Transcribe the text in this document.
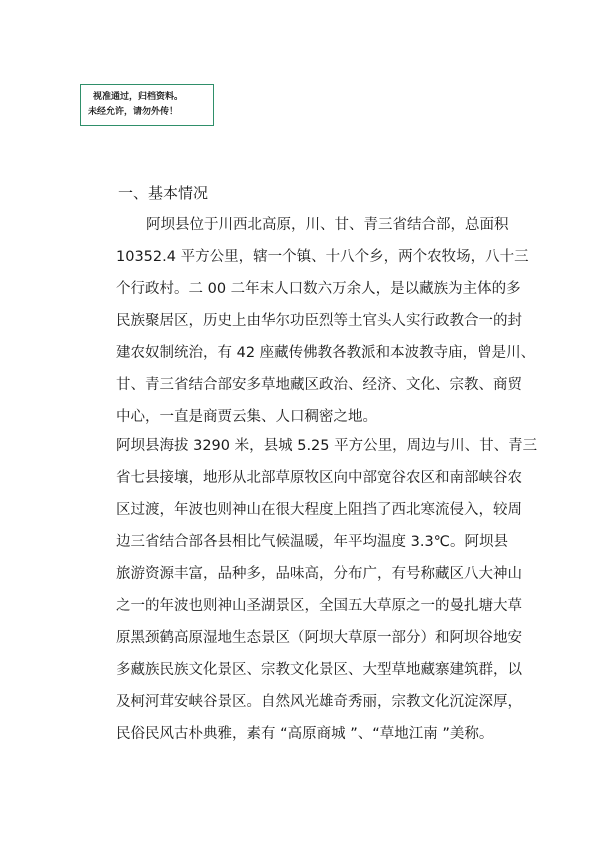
视准通过，归档资料。
未经允许，请勿外传！
一、基本情况
阿坝县位于川西北高原，川、甘、青三省结合部，总面积
10352.4 平方公里，辖一个镇、十八个乡，两个农牧场，八十三
个行政村。二 00 二年末人口数六万余人，是以藏族为主体的多
民族聚居区，历史上由华尔功臣烈等土官头人实行政教合一的封
建农奴制统治，有 42 座藏传佛教各教派和本波教寺庙，曾是川、
甘、青三省结合部安多草地藏区政治、经济、文化、宗教、商贸
中心，一直是商贾云集、人口稠密之地。
阿坝县海拔 3290 米，县城 5.25 平方公里，周边与川、甘、青三
省七县接壤，地形从北部草原牧区向中部宽谷农区和南部峡谷农
区过渡，年波也则神山在很大程度上阻挡了西北寒流侵入，较周
边三省结合部各县相比气候温暖，年平均温度 3.3℃。阿坝县
旅游资源丰富，品种多，品味高，分布广，有号称藏区八大神山
之一的年波也则神山圣湖景区，全国五大草原之一的曼扎塘大草
原黑颈鹤高原湿地生态景区（阿坝大草原一部分）和阿坝谷地安
多藏族民族文化景区、宗教文化景区、大型草地藏寨建筑群，以
及柯河茸安峡谷景区。自然风光雄奇秀丽，宗教文化沉淀深厚，
民俗民风古朴典雅，素有 “高原商城 ”、“草地江南 ”美称。
